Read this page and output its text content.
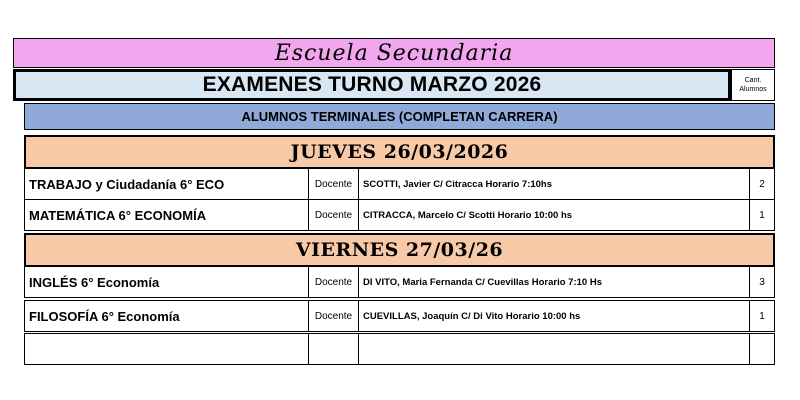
Escuela Secundaria
EXAMENES TURNO MARZO 2026	Cant.
Alumnos
ALUMNOS TERMINALES (COMPLETAN CARRERA)
JUEVES 26/03/2026
TRABAJO y Ciudadanía 6° ECO	Docente	SCOTTI, Javier C/ Citracca Horario 7:10hs	2
MATEMÁTICA 6° ECONOMÍA	Docente	CITRACCA, Marcelo C/ Scotti Horario 10:00 hs	1
VIERNES 27/03/26
INGLÉS 6° Economía	Docente	DI VITO, Maria Fernanda C/ Cuevillas Horario 7:10 Hs	3
FILOSOFÍA 6° Economía	Docente	CUEVILLAS, Joaquín C/ Di Vito Horario 10:00 hs	1
